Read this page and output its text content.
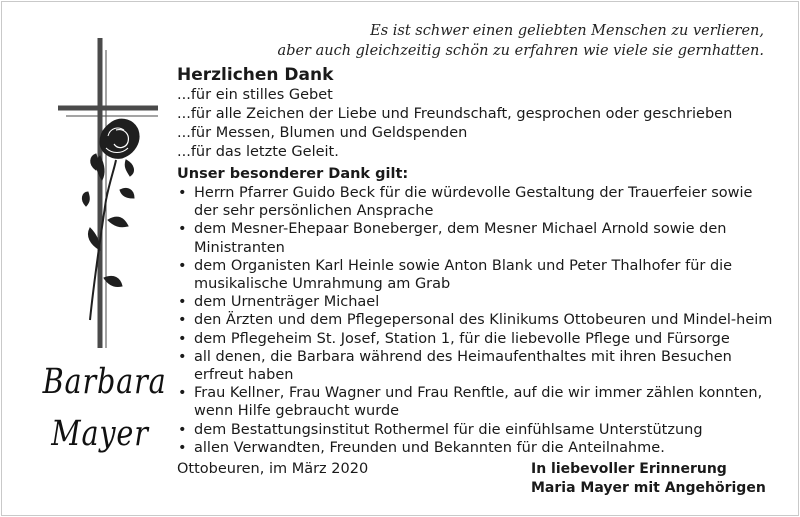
Es ist schwer einen geliebten Menschen zu verlieren,
aber auch gleichzeitig schön zu erfahren wie viele sie gernhatten.
Barbara
Mayer
Herzlichen Dank
...für ein stilles Gebet
...für alle Zeichen der Liebe und Freundschaft, gesprochen oder geschrieben
...für Messen, Blumen und Geldspenden
...für das letzte Geleit.
Unser besonderer Dank gilt:
• Herrn Pfarrer Guido Beck für die würdevolle Gestaltung der Trauerfeier sowie der sehr persönlichen Ansprache
• dem Mesner-Ehepaar Boneberger, dem Mesner Michael Arnold sowie den Ministranten
• dem Organisten Karl Heinle sowie Anton Blank und Peter Thalhofer für die musikalische Umrahmung am Grab
• dem Urnenträger Michael
• den Ärzten und dem Pflegepersonal des Klinikums Ottobeuren und Mindel-heim
• dem Pflegeheim St. Josef, Station 1, für die liebevolle Pflege und Fürsorge
• all denen, die Barbara während des Heimaufenthaltes mit ihren Besuchen erfreut haben
• Frau Kellner, Frau Wagner und Frau Renftle, auf die wir immer zählen konnten, wenn Hilfe gebraucht wurde
• dem Bestattungsinstitut Rothermel für die einfühlsame Unterstützung
• allen Verwandten, Freunden und Bekannten für die Anteilnahme.
Ottobeuren, im März 2020	In liebevoller Erinnerung
Maria Mayer mit Angehörigen
